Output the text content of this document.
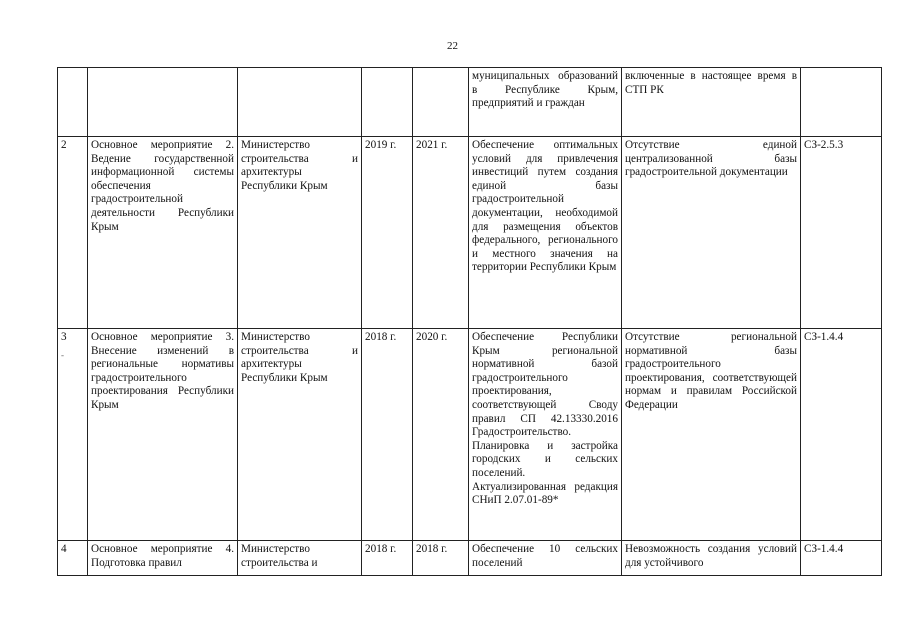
22
					муниципальных образований в Республике Крым, предприятий и граждан	включенные в настоящее время в СТП РК	
2	Основное мероприятие 2. Ведение государственной информационной системы обеспечения градостроительной деятельности Республики Крым	Министерство строительства и архитектуры Республики Крым	2019 г.	2021 г.	Обеспечение оптимальных условий для привлечения инвестиций путем создания единой базы градостроительной документации, необходимой для размещения объектов федерального, регионального и местного значения на территории Республики Крым	Отсутствие единой централизованной базы градостроительной документации	СЗ-2.5.3
3
-	Основное мероприятие 3. Внесение изменений в региональные нормативы градостроительного проектирования Республики Крым	Министерство строительства и архитектуры Республики Крым	2018 г.	2020 г.	Обеспечение Республики Крым региональной нормативной базой градостроительного проектирования, соответствующей Своду правил СП 42.13330.2016 Градостроительство. Планировка и застройка городских и сельских поселений. Актуализированная редакция СНиП 2.07.01-89*	Отсутствие региональной нормативной базы градостроительного проектирования, соответствующей нормам и правилам Российской Федерации	СЗ-1.4.4
4	Основное мероприятие 4. Подготовка правил	Министерство строительства и	2018 г.	2018 г.	Обеспечение 10 сельских поселений	Невозможность создания условий для устойчивого	СЗ-1.4.4
